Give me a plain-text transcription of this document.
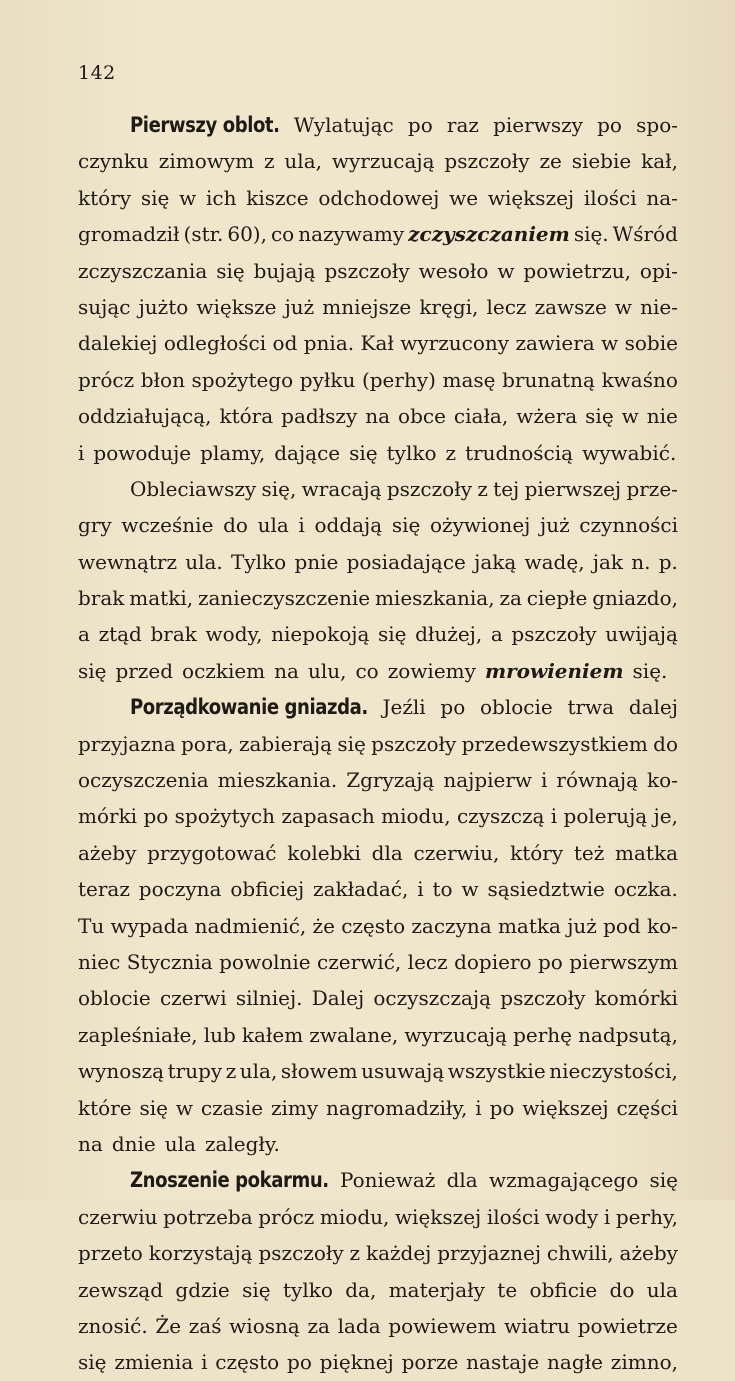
142
Pierwszy oblot. Wylatując po raz pierwszy po spo-
czynku zimowym z ula, wyrzucają pszczoły ze siebie kał,
który się w ich kiszce odchodowej we większej ilości na-
gromadził (str. 60), co nazywamy zczyszczaniem się. Wśród
zczyszczania się bujają pszczoły wesoło w powietrzu, opi-
sując jużto większe już mniejsze kręgi, lecz zawsze w nie-
dalekiej odległości od pnia. Kał wyrzucony zawiera w sobie
prócz błon spożytego pyłku (perhy) masę brunatną kwaśno
oddziałującą, która padłszy na obce ciała, wżera się w nie
i powoduje plamy, dające się tylko z trudnością wywabić.
Obleciawszy się, wracają pszczoły z tej pierwszej prze-
gry wcześnie do ula i oddają się ożywionej już czynności
wewnątrz ula. Tylko pnie posiadające jaką wadę, jak n. p.
brak matki, zanieczyszczenie mieszkania, za ciepłe gniazdo,
a ztąd brak wody, niepokoją się dłużej, a pszczoły uwijają
się przed oczkiem na ulu, co zowiemy mrowieniem się.
Porządkowanie gniazda. Jeźli po oblocie trwa dalej
przyjazna pora, zabierają się pszczoły przedewszystkiem do
oczyszczenia mieszkania. Zgryzają najpierw i równają ko-
mórki po spożytych zapasach miodu, czyszczą i polerują je,
ażeby przygotować kolebki dla czerwiu, który też matka
teraz poczyna obficiej zakładać, i to w sąsiedztwie oczka.
Tu wypada nadmienić, że często zaczyna matka już pod ko-
niec Stycznia powolnie czerwić, lecz dopiero po pierwszym
oblocie czerwi silniej. Dalej oczyszczają pszczoły komórki
zapleśniałe, lub kałem zwalane, wyrzucają perhę nadpsutą,
wynoszą trupy z ula, słowem usuwają wszystkie nieczystości,
które się w czasie zimy nagromadziły, i po większej części
na dnie ula zaległy.
Znoszenie pokarmu. Ponieważ dla wzmagającego się
czerwiu potrzeba prócz miodu, większej ilości wody i perhy,
przeto korzystają pszczoły z każdej przyjaznej chwili, ażeby
zewsząd gdzie się tylko da, materjały te obficie do ula
znosić. Że zaś wiosną za lada powiewem wiatru powietrze
się zmienia i często po pięknej porze nastaje nagłe zimno,
